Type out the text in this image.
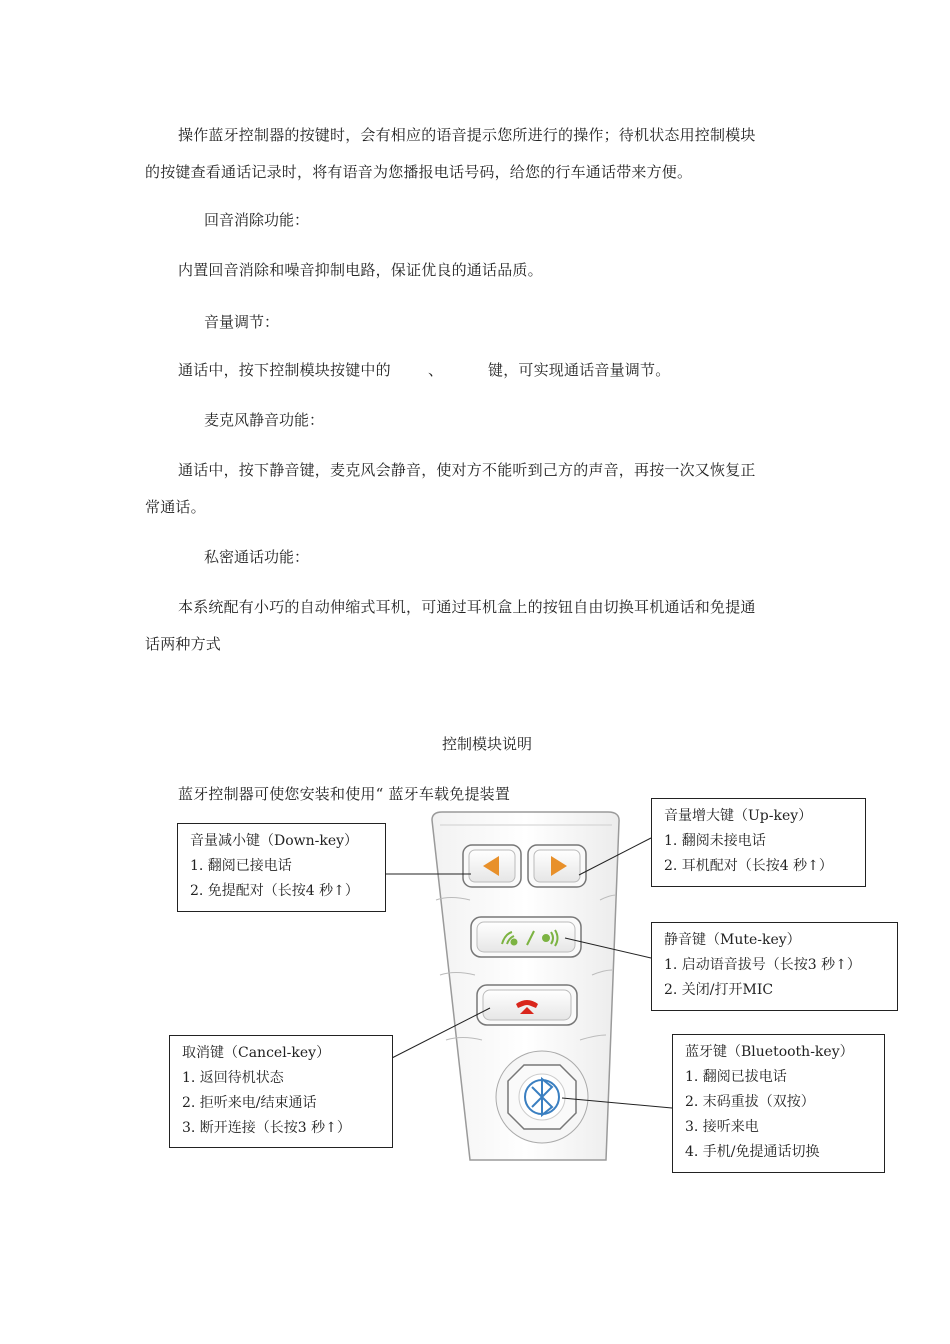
操作蓝牙控制器的按键时，会有相应的语音提示您所进行的操作；待机状态用控制模块
的按键查看通话记录时，将有语音为您播报电话号码，给您的行车通话带来方便。
回音消除功能：
内置回音消除和噪音抑制电路，保证优良的通话品质。
音量调节：
通话中，按下控制模块按键中的 、	键，可实现通话音量调节。
麦克风静音功能：
通话中，按下静音键，麦克风会静音，使对方不能听到己方的声音，再按一次又恢复正
常通话。
私密通话功能：
本系统配有小巧的自动伸缩式耳机，可通过耳机盒上的按钮自由切换耳机通话和免提通
话两种方式
控制模块说明
蓝牙控制器可使您安装和使用“ 蓝牙车载免提装置
音量减小键（Down-key）
1. 翻阅已接电话
2. 免提配对（长按4 秒↑）
音量增大键（Up-key）
1. 翻阅未接电话
2. 耳机配对（长按4 秒↑）
静音键（Mute-key）
1. 启动语音拔号（长按3 秒↑）
2. 关闭/打开MIC
取消键（Cancel-key）
1. 返回待机状态
2. 拒听来电/结束通话
3. 断开连接（长按3 秒↑）
蓝牙键（Bluetooth-key）
1. 翻阅已拔电话
2. 末码重拔（双按）
3. 接听来电
4. 手机/免提通话切换
